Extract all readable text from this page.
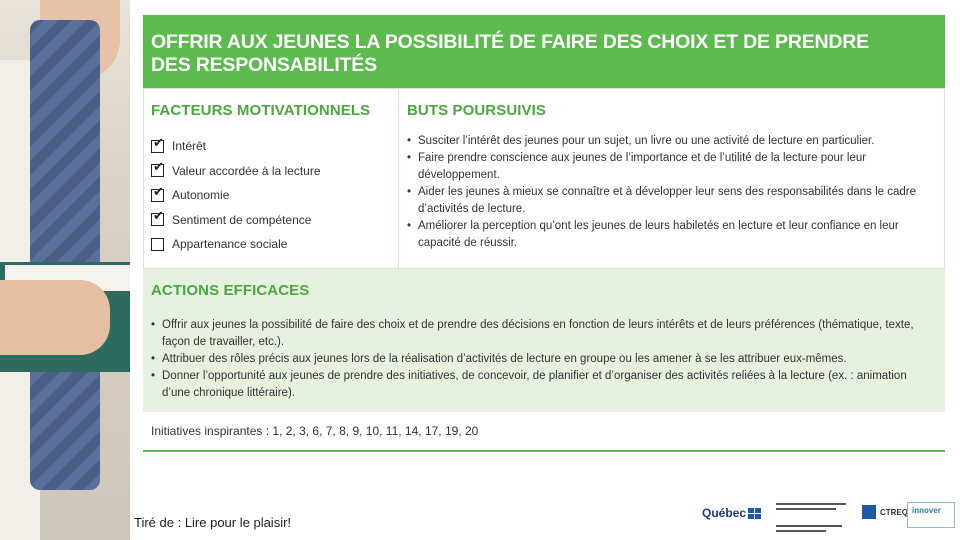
OFFRIR AUX JEUNES LA POSSIBILITÉ DE FAIRE DES CHOIX ET DE PRENDRE DES RESPONSABILITÉS
FACTEURS MOTIVATIONNELS
✔
Intérêt
✔
Valeur accordée à la lecture
✔
Autonomie
✔
Sentiment de compétence
Appartenance sociale
BUTS POURSUIVIS
• Susciter l’intérêt des jeunes pour un sujet, un livre ou une activité de lecture en particulier.
• Faire prendre conscience aux jeunes de l’importance et de l’utilité de la lecture pour leur développement.
• Aider les jeunes à mieux se connaître et à développer leur sens des responsabilités dans le cadre d’activités de lecture.
• Améliorer la perception qu’ont les jeunes de leurs habiletés en lecture et leur confiance en leur capacité de réussir.
ACTIONS EFFICACES
• Offrir aux jeunes la possibilité de faire des choix et de prendre des décisions en fonction de leurs intérêts et de leurs préférences (thématique, texte, façon de travailler, etc.).
• Attribuer des rôles précis aux jeunes lors de la réalisation d’activités de lecture en groupe ou les amener à se les attribuer eux-mêmes.
• Donner l’opportunité aux jeunes de prendre des initiatives, de concevoir, de planifier et d’organiser des activités reliées à la lecture (ex. : animation d’une chronique littéraire).
Initiatives inspirantes : 1, 2, 3, 6, 7, 8, 9, 10, 11, 14, 17, 19, 20
Tiré de : Lire pour le plaisir!
Québec	CTREQ innover
